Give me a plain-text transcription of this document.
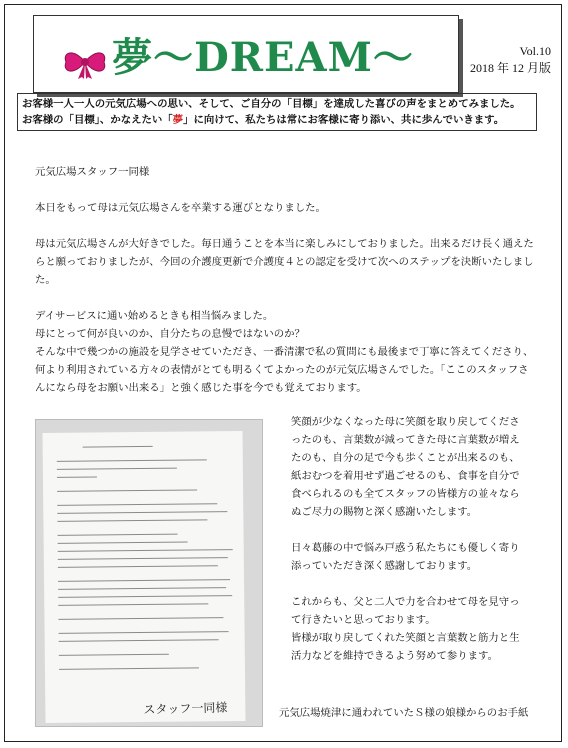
夢～DREAM～	Vol.10
2018 年 12 月版
お客様一人一人の元気広場への思い、そして、ご自分の「目標」を達成した喜びの声をまとめてみました。
お客様の「目標」、かなえたい「夢」に向けて、私たちは常にお客様に寄り添い、共に歩んでいきます。

元気広場スタッフ一同様

本日をもって母は元気広場さんを卒業する運びとなりました。

母は元気広場さんが大好きでした。毎日通うことを本当に楽しみにしておりました。出来るだけ長く通えたらと願っておりましたが、今回の介護度更新で介護度４との認定を受けて次へのステップを決断いたしました。

デイサービスに通い始めるときも相当悩みました。

母にとって何が良いのか、自分たちの息慢ではないのか？

そんな中で幾つかの施設を見学させていただき、一番清潔で私の質問にも最後まで丁寧に答えてくださり、何より利用されている方々の表情がとても明るくてよかったのが元気広場さんでした。「ここのスタッフさんになら母をお願い出来る」と強く感じた事を今でも覚えております。

スタッフ一同様

笑顔が少なくなった母に笑顔を取り戻してくださったのも、言葉数が減ってきた母に言葉数が増えたのも、自分の足で今も歩くことが出来るのも、紙おむつを着用せず過ごせるのも、食事を自分で食べられるのも全てスタッフの皆様方の並々ならぬご尽力の賜物と深く感謝いたします。

日々葛藤の中で悩み戸惑う私たちにも優しく寄り添っていただき深く感謝しております。

これからも、父と二人で力を合わせて母を見守って行きたいと思っております。

皆様が取り戻してくれた笑顔と言葉数と筋力と生活力などを維持できるよう努めて参ります。

元気広場焼津に通われていたＳ様の娘様からのお手紙
